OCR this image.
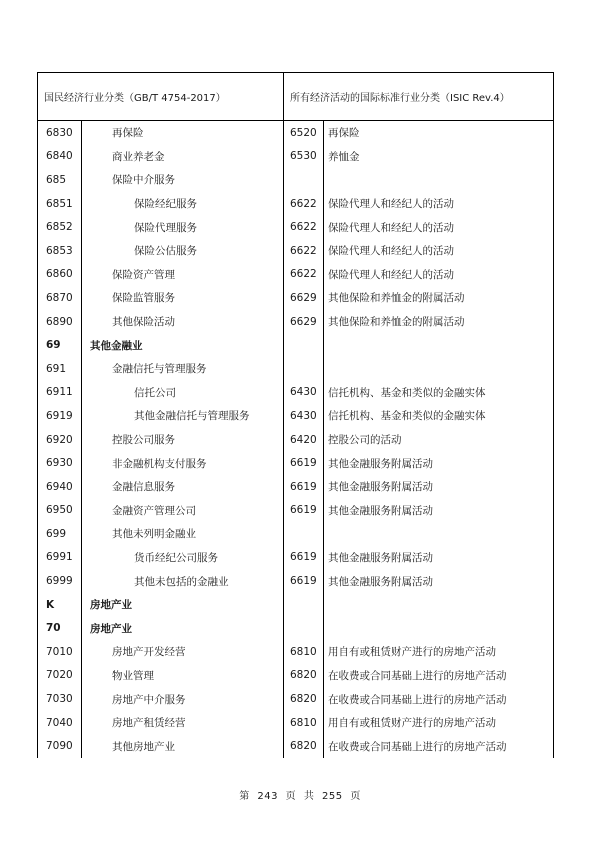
国民经济行业分类（GB/T 4754-2017）		所有经济活动的国际标准行业分类（ISIC Rev.4）	
6830	再保险	6520	再保险
6840	商业养老金	6530	养恤金
685	保险中介服务		
6851	保险经纪服务	6622	保险代理人和经纪人的活动
6852	保险代理服务	6622	保险代理人和经纪人的活动
6853	保险公估服务	6622	保险代理人和经纪人的活动
6860	保险资产管理	6622	保险代理人和经纪人的活动
6870	保险监管服务	6629	其他保险和养恤金的附属活动
6890	其他保险活动	6629	其他保险和养恤金的附属活动
69	其他金融业		
691	金融信托与管理服务		
6911	信托公司	6430	信托机构、基金和类似的金融实体
6919	其他金融信托与管理服务	6430	信托机构、基金和类似的金融实体
6920	控股公司服务	6420	控股公司的活动
6930	非金融机构支付服务	6619	其他金融服务附属活动
6940	金融信息服务	6619	其他金融服务附属活动
6950	金融资产管理公司	6619	其他金融服务附属活动
699	其他未列明金融业		
6991	货币经纪公司服务	6619	其他金融服务附属活动
6999	其他未包括的金融业	6619	其他金融服务附属活动
K	房地产业		
70	房地产业		
7010	房地产开发经营	6810	用自有或租赁财产进行的房地产活动
7020	物业管理	6820	在收费或合同基础上进行的房地产活动
7030	房地产中介服务	6820	在收费或合同基础上进行的房地产活动
7040	房地产租赁经营	6810	用自有或租赁财产进行的房地产活动
7090	其他房地产业	6820	在收费或合同基础上进行的房地产活动
第 243 页 共 255 页
